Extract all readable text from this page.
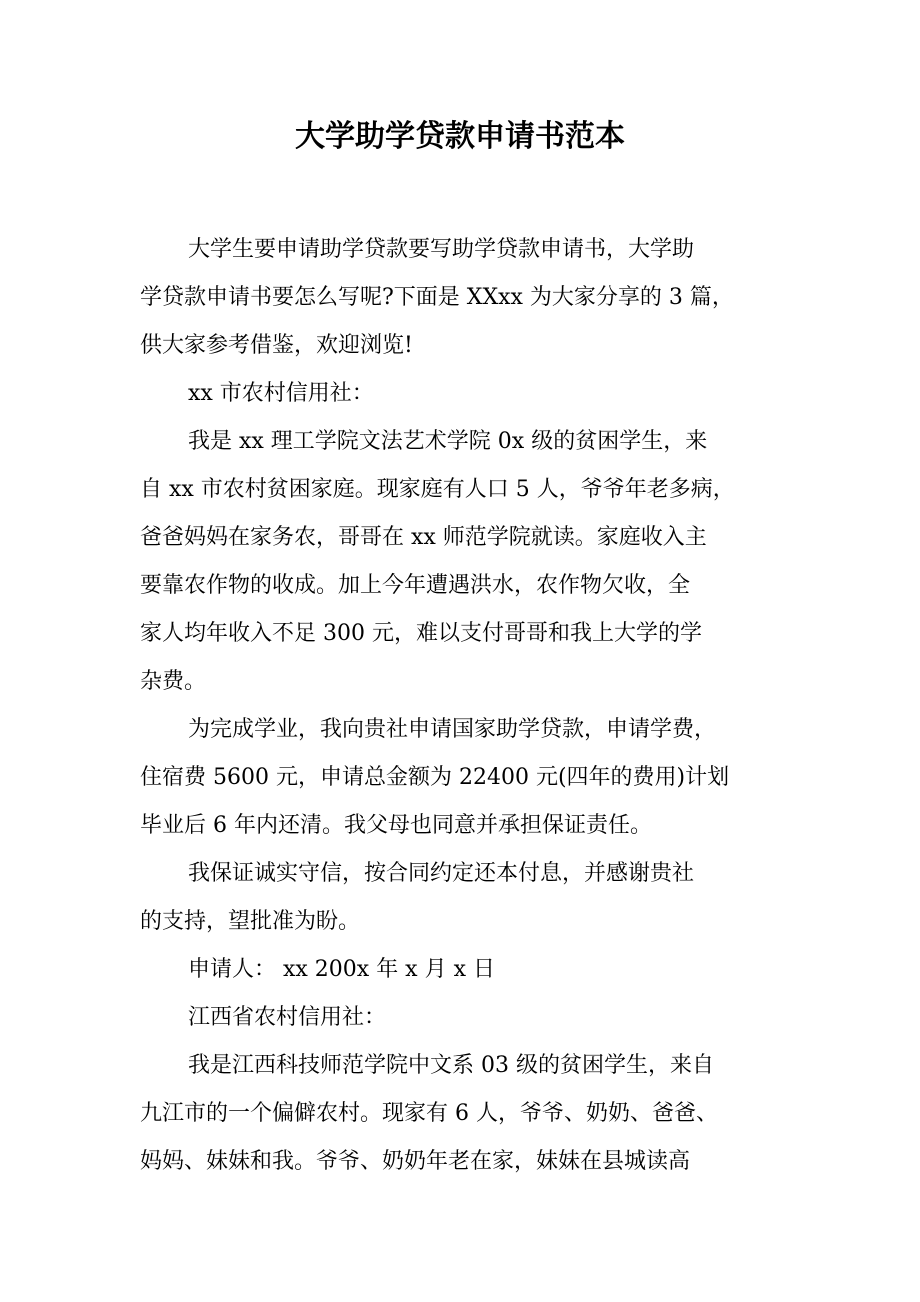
大学助学贷款申请书范本
大学生要申请助学贷款要写助学贷款申请书，大学助
学贷款申请书要怎么写呢?下面是 XXxx 为大家分享的 3 篇，
供大家参考借鉴，欢迎浏览!
xx 市农村信用社：
我是 xx 理工学院文法艺术学院 0x 级的贫困学生，来
自 xx 市农村贫困家庭。现家庭有人口 5 人，爷爷年老多病，
爸爸妈妈在家务农，哥哥在 xx 师范学院就读。家庭收入主
要靠农作物的收成。加上今年遭遇洪水，农作物欠收，全
家人均年收入不足 300 元，难以支付哥哥和我上大学的学
杂费。
为完成学业，我向贵社申请国家助学贷款，申请学费，
住宿费 5600 元，申请总金额为 22400 元(四年的费用)计划
毕业后 6 年内还清。我父母也同意并承担保证责任。
我保证诚实守信，按合同约定还本付息，并感谢贵社
的支持，望批准为盼。
申请人： xx 200x 年 x 月 x 日
江西省农村信用社：
我是江西科技师范学院中文系 03 级的贫困学生，来自
九江市的一个偏僻农村。现家有 6 人，爷爷、奶奶、爸爸、
妈妈、妹妹和我。爷爷、奶奶年老在家，妹妹在县城读高
